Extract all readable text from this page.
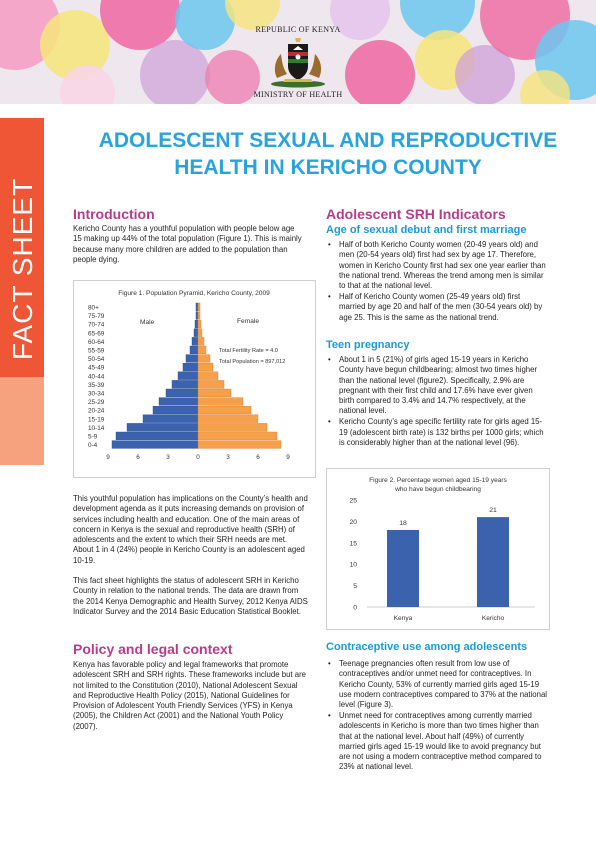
REPUBLIC OF KENYA
MINISTRY OF HEALTH
FACT SHEET
ADOLESCENT SEXUAL AND REPRODUCTIVE
HEALTH IN KERICHO COUNTY
Introduction

Kericho County has a youthful population with people below age 15 making up 44% of the total population (Figure 1). This is mainly because many more children are added to the population than people dying.

Figure 1. Population Pyramid, Kericho County, 2009
80+
75-79
70-74
65-69
60-64
55-59
50-54
45-49
40-44
35-39
30-34
25-29
20-24
15-19
10-14
5-9
0-4
9	6	3	0	3	6	9
Male	Female
Total Fertility Rate = 4.0
Total Population = 897,012

This youthful population has implications on the County’s health and development agenda as it puts increasing demands on provision of services including health and education. One of the main areas of concern in Kenya is the sexual and reproductive health (SRH) of adolescents and the extent to which their SRH needs are met. About 1 in 4 (24%) people in Kericho County is an adolescent aged 10-19.

This fact sheet highlights the status of adolescent SRH in Kericho County in relation to the national trends. The data are drawn from the 2014 Kenya Demographic and Health Survey, 2012 Kenya AIDS Indicator Survey and the 2014 Basic Education Statistical Booklet.

Policy and legal context

Kenya has favorable policy and legal frameworks that promote adolescent SRH and SRH rights. These frameworks include but are not limited to the Constitution (2010), National Adolescent Sexual and Reproductive Health Policy (2015), National Guidelines for Provision of Adolescent Youth Friendly Services (YFS) in Kenya (2005), the Children Act (2001) and the National Youth Policy (2007).

Adolescent SRH Indicators
Age of sexual debut and first marriage
• Half of both Kericho County women (20-49 years old) and men (20-54 years old) first had sex by age 17. Therefore, women in Kericho County first had sex one year earlier than the national trend. Whereas the trend among men is similar to that at the national level.
• Half of Kericho County women (25-49 years old) first married by age 20 and half of the men (30-54 years old) by age 25. This is the same as the national trend.
Teen pregnancy
• About 1 in 5 (21%) of girls aged 15-19 years in Kericho County have begun childbearing; almost two times higher than the national level (figure2). Specifically, 2.9% are pregnant with their first child and 17.6% have ever given birth compared to 3.4% and 14.7% respectively, at the national level.
• Kericho County’s age specific fertility rate for girls aged 15-19 (adolescent birth rate) is 132 births per 1000 girls; which is considerably higher than at the national level (96).
Figure 2. Percentage women aged 15-19 years
who have begun childbearing
0
5
10
15
20
25
18
Kenya
21
Kericho
Contraceptive use among adolescents
• Teenage pregnancies often result from low use of contraceptives and/or unmet need for contraceptives. In Kericho County, 53% of currently married girls aged 15-19 use modern contraceptives compared to 37% at the national level (Figure 3).
• Unmet need for contraceptives among currently married adolescents in Kericho is more than two times higher than that at the national level. About half (49%) of currently married girls aged 15-19 would like to avoid pregnancy but are not using a modern contraceptive method compared to 23% at national level.
